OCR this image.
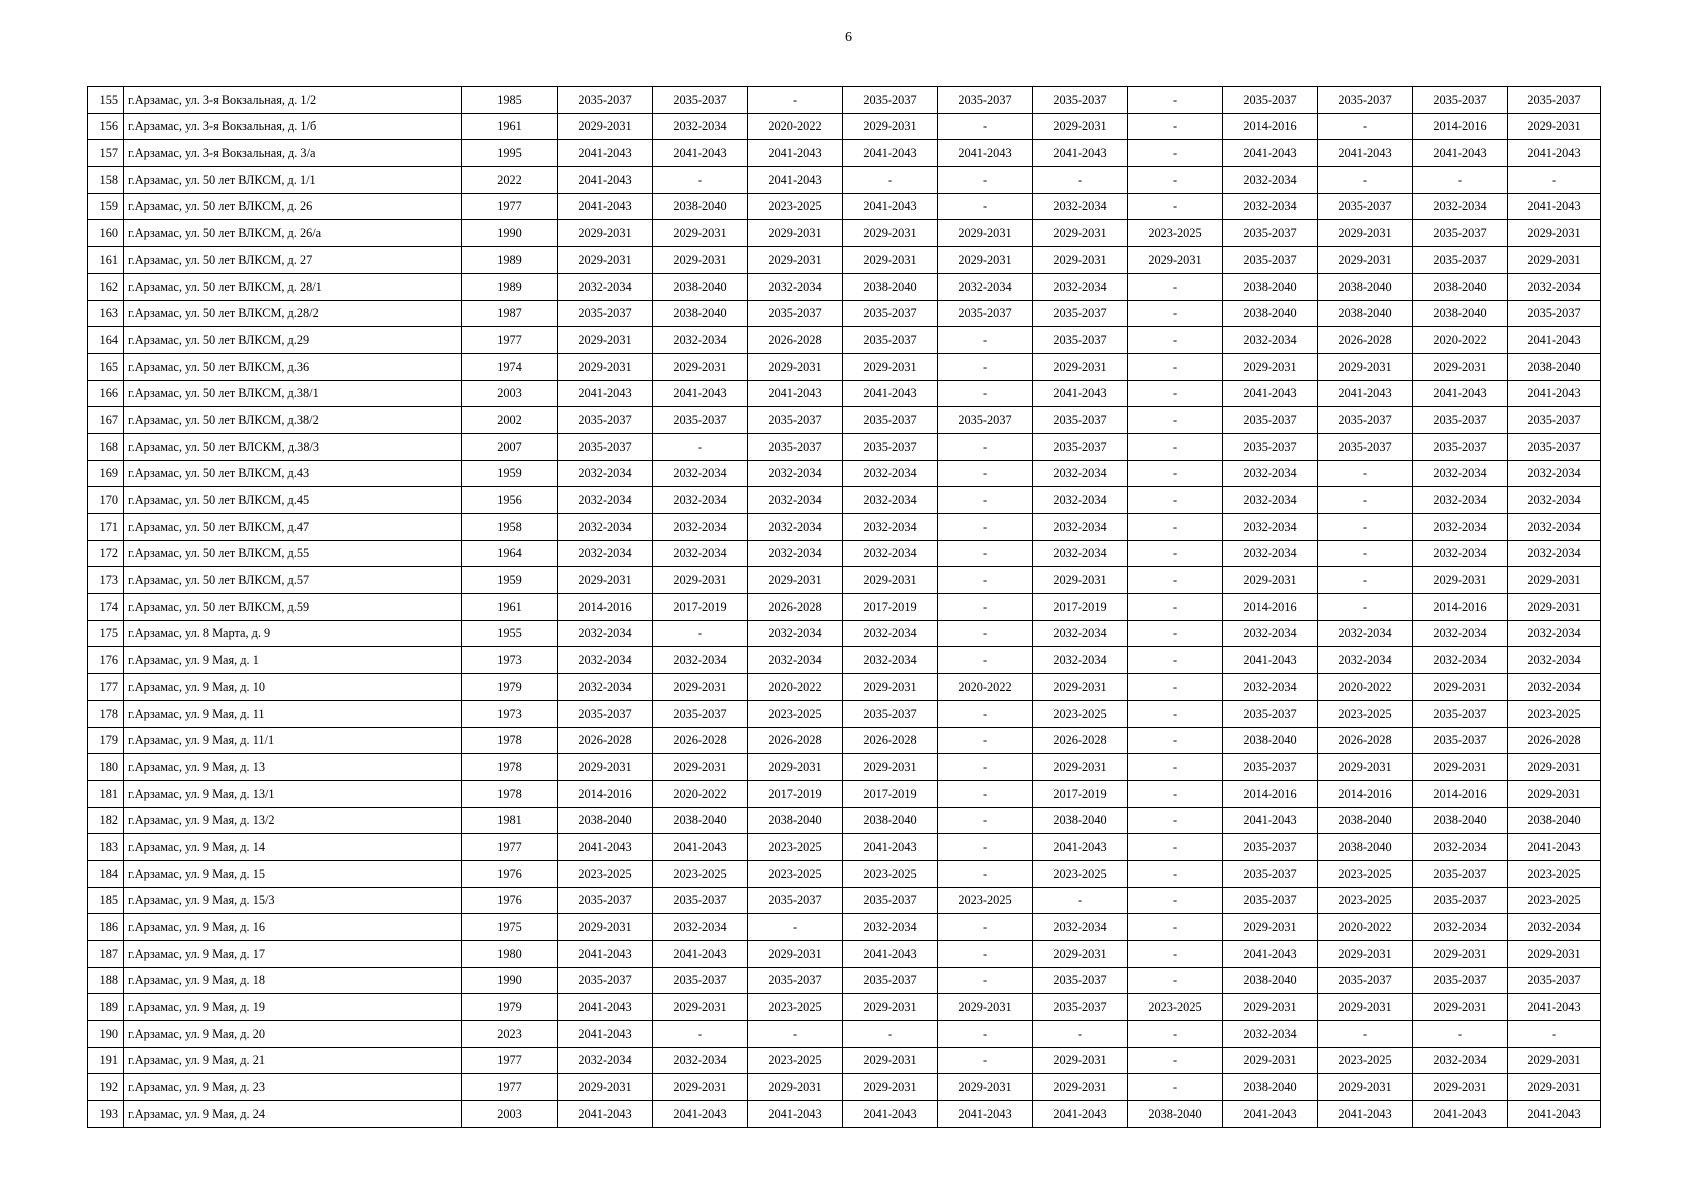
6
155	г.Арзамас, ул. 3-я Вокзальная, д. 1/2	1985	2035-2037	2035-2037	-	2035-2037	2035-2037	2035-2037	-	2035-2037	2035-2037	2035-2037	2035-2037
156	г.Арзамас, ул. 3-я Вокзальная, д. 1/б	1961	2029-2031	2032-2034	2020-2022	2029-2031	-	2029-2031	-	2014-2016	-	2014-2016	2029-2031
157	г.Арзамас, ул. 3-я Вокзальная, д. 3/а	1995	2041-2043	2041-2043	2041-2043	2041-2043	2041-2043	2041-2043	-	2041-2043	2041-2043	2041-2043	2041-2043
158	г.Арзамас, ул. 50 лет ВЛКСМ, д. 1/1	2022	2041-2043	-	2041-2043	-	-	-	-	2032-2034	-	-	-
159	г.Арзамас, ул. 50 лет ВЛКСМ, д. 26	1977	2041-2043	2038-2040	2023-2025	2041-2043	-	2032-2034	-	2032-2034	2035-2037	2032-2034	2041-2043
160	г.Арзамас, ул. 50 лет ВЛКСМ, д. 26/а	1990	2029-2031	2029-2031	2029-2031	2029-2031	2029-2031	2029-2031	2023-2025	2035-2037	2029-2031	2035-2037	2029-2031
161	г.Арзамас, ул. 50 лет ВЛКСМ, д. 27	1989	2029-2031	2029-2031	2029-2031	2029-2031	2029-2031	2029-2031	2029-2031	2035-2037	2029-2031	2035-2037	2029-2031
162	г.Арзамас, ул. 50 лет ВЛКСМ, д. 28/1	1989	2032-2034	2038-2040	2032-2034	2038-2040	2032-2034	2032-2034	-	2038-2040	2038-2040	2038-2040	2032-2034
163	г.Арзамас, ул. 50 лет ВЛКСМ, д.28/2	1987	2035-2037	2038-2040	2035-2037	2035-2037	2035-2037	2035-2037	-	2038-2040	2038-2040	2038-2040	2035-2037
164	г.Арзамас, ул. 50 лет ВЛКСМ, д.29	1977	2029-2031	2032-2034	2026-2028	2035-2037	-	2035-2037	-	2032-2034	2026-2028	2020-2022	2041-2043
165	г.Арзамас, ул. 50 лет ВЛКСМ, д.36	1974	2029-2031	2029-2031	2029-2031	2029-2031	-	2029-2031	-	2029-2031	2029-2031	2029-2031	2038-2040
166	г.Арзамас, ул. 50 лет ВЛКСМ, д.38/1	2003	2041-2043	2041-2043	2041-2043	2041-2043	-	2041-2043	-	2041-2043	2041-2043	2041-2043	2041-2043
167	г.Арзамас, ул. 50 лет ВЛКСМ, д.38/2	2002	2035-2037	2035-2037	2035-2037	2035-2037	2035-2037	2035-2037	-	2035-2037	2035-2037	2035-2037	2035-2037
168	г.Арзамас, ул. 50 лет ВЛСКМ, д.38/3	2007	2035-2037	-	2035-2037	2035-2037	-	2035-2037	-	2035-2037	2035-2037	2035-2037	2035-2037
169	г.Арзамас, ул. 50 лет ВЛКСМ, д.43	1959	2032-2034	2032-2034	2032-2034	2032-2034	-	2032-2034	-	2032-2034	-	2032-2034	2032-2034
170	г.Арзамас, ул. 50 лет ВЛКСМ, д.45	1956	2032-2034	2032-2034	2032-2034	2032-2034	-	2032-2034	-	2032-2034	-	2032-2034	2032-2034
171	г.Арзамас, ул. 50 лет ВЛКСМ, д.47	1958	2032-2034	2032-2034	2032-2034	2032-2034	-	2032-2034	-	2032-2034	-	2032-2034	2032-2034
172	г.Арзамас, ул. 50 лет ВЛКСМ, д.55	1964	2032-2034	2032-2034	2032-2034	2032-2034	-	2032-2034	-	2032-2034	-	2032-2034	2032-2034
173	г.Арзамас, ул. 50 лет ВЛКСМ, д.57	1959	2029-2031	2029-2031	2029-2031	2029-2031	-	2029-2031	-	2029-2031	-	2029-2031	2029-2031
174	г.Арзамас, ул. 50 лет ВЛКСМ, д.59	1961	2014-2016	2017-2019	2026-2028	2017-2019	-	2017-2019	-	2014-2016	-	2014-2016	2029-2031
175	г.Арзамас, ул. 8 Марта, д. 9	1955	2032-2034	-	2032-2034	2032-2034	-	2032-2034	-	2032-2034	2032-2034	2032-2034	2032-2034
176	г.Арзамас, ул. 9 Мая, д. 1	1973	2032-2034	2032-2034	2032-2034	2032-2034	-	2032-2034	-	2041-2043	2032-2034	2032-2034	2032-2034
177	г.Арзамас, ул. 9 Мая, д. 10	1979	2032-2034	2029-2031	2020-2022	2029-2031	2020-2022	2029-2031	-	2032-2034	2020-2022	2029-2031	2032-2034
178	г.Арзамас, ул. 9 Мая, д. 11	1973	2035-2037	2035-2037	2023-2025	2035-2037	-	2023-2025	-	2035-2037	2023-2025	2035-2037	2023-2025
179	г.Арзамас, ул. 9 Мая, д. 11/1	1978	2026-2028	2026-2028	2026-2028	2026-2028	-	2026-2028	-	2038-2040	2026-2028	2035-2037	2026-2028
180	г.Арзамас, ул. 9 Мая, д. 13	1978	2029-2031	2029-2031	2029-2031	2029-2031	-	2029-2031	-	2035-2037	2029-2031	2029-2031	2029-2031
181	г.Арзамас, ул. 9 Мая, д. 13/1	1978	2014-2016	2020-2022	2017-2019	2017-2019	-	2017-2019	-	2014-2016	2014-2016	2014-2016	2029-2031
182	г.Арзамас, ул. 9 Мая, д. 13/2	1981	2038-2040	2038-2040	2038-2040	2038-2040	-	2038-2040	-	2041-2043	2038-2040	2038-2040	2038-2040
183	г.Арзамас, ул. 9 Мая, д. 14	1977	2041-2043	2041-2043	2023-2025	2041-2043	-	2041-2043	-	2035-2037	2038-2040	2032-2034	2041-2043
184	г.Арзамас, ул. 9 Мая, д. 15	1976	2023-2025	2023-2025	2023-2025	2023-2025	-	2023-2025	-	2035-2037	2023-2025	2035-2037	2023-2025
185	г.Арзамас, ул. 9 Мая, д. 15/3	1976	2035-2037	2035-2037	2035-2037	2035-2037	2023-2025	-	-	2035-2037	2023-2025	2035-2037	2023-2025
186	г.Арзамас, ул. 9 Мая, д. 16	1975	2029-2031	2032-2034	-	2032-2034	-	2032-2034	-	2029-2031	2020-2022	2032-2034	2032-2034
187	г.Арзамас, ул. 9 Мая, д. 17	1980	2041-2043	2041-2043	2029-2031	2041-2043	-	2029-2031	-	2041-2043	2029-2031	2029-2031	2029-2031
188	г.Арзамас, ул. 9 Мая, д. 18	1990	2035-2037	2035-2037	2035-2037	2035-2037	-	2035-2037	-	2038-2040	2035-2037	2035-2037	2035-2037
189	г.Арзамас, ул. 9 Мая, д. 19	1979	2041-2043	2029-2031	2023-2025	2029-2031	2029-2031	2035-2037	2023-2025	2029-2031	2029-2031	2029-2031	2041-2043
190	г.Арзамас, ул. 9 Мая, д. 20	2023	2041-2043	-	-	-	-	-	-	2032-2034	-	-	-
191	г.Арзамас, ул. 9 Мая, д. 21	1977	2032-2034	2032-2034	2023-2025	2029-2031	-	2029-2031	-	2029-2031	2023-2025	2032-2034	2029-2031
192	г.Арзамас, ул. 9 Мая, д. 23	1977	2029-2031	2029-2031	2029-2031	2029-2031	2029-2031	2029-2031	-	2038-2040	2029-2031	2029-2031	2029-2031
193	г.Арзамас, ул. 9 Мая, д. 24	2003	2041-2043	2041-2043	2041-2043	2041-2043	2041-2043	2041-2043	2038-2040	2041-2043	2041-2043	2041-2043	2041-2043
